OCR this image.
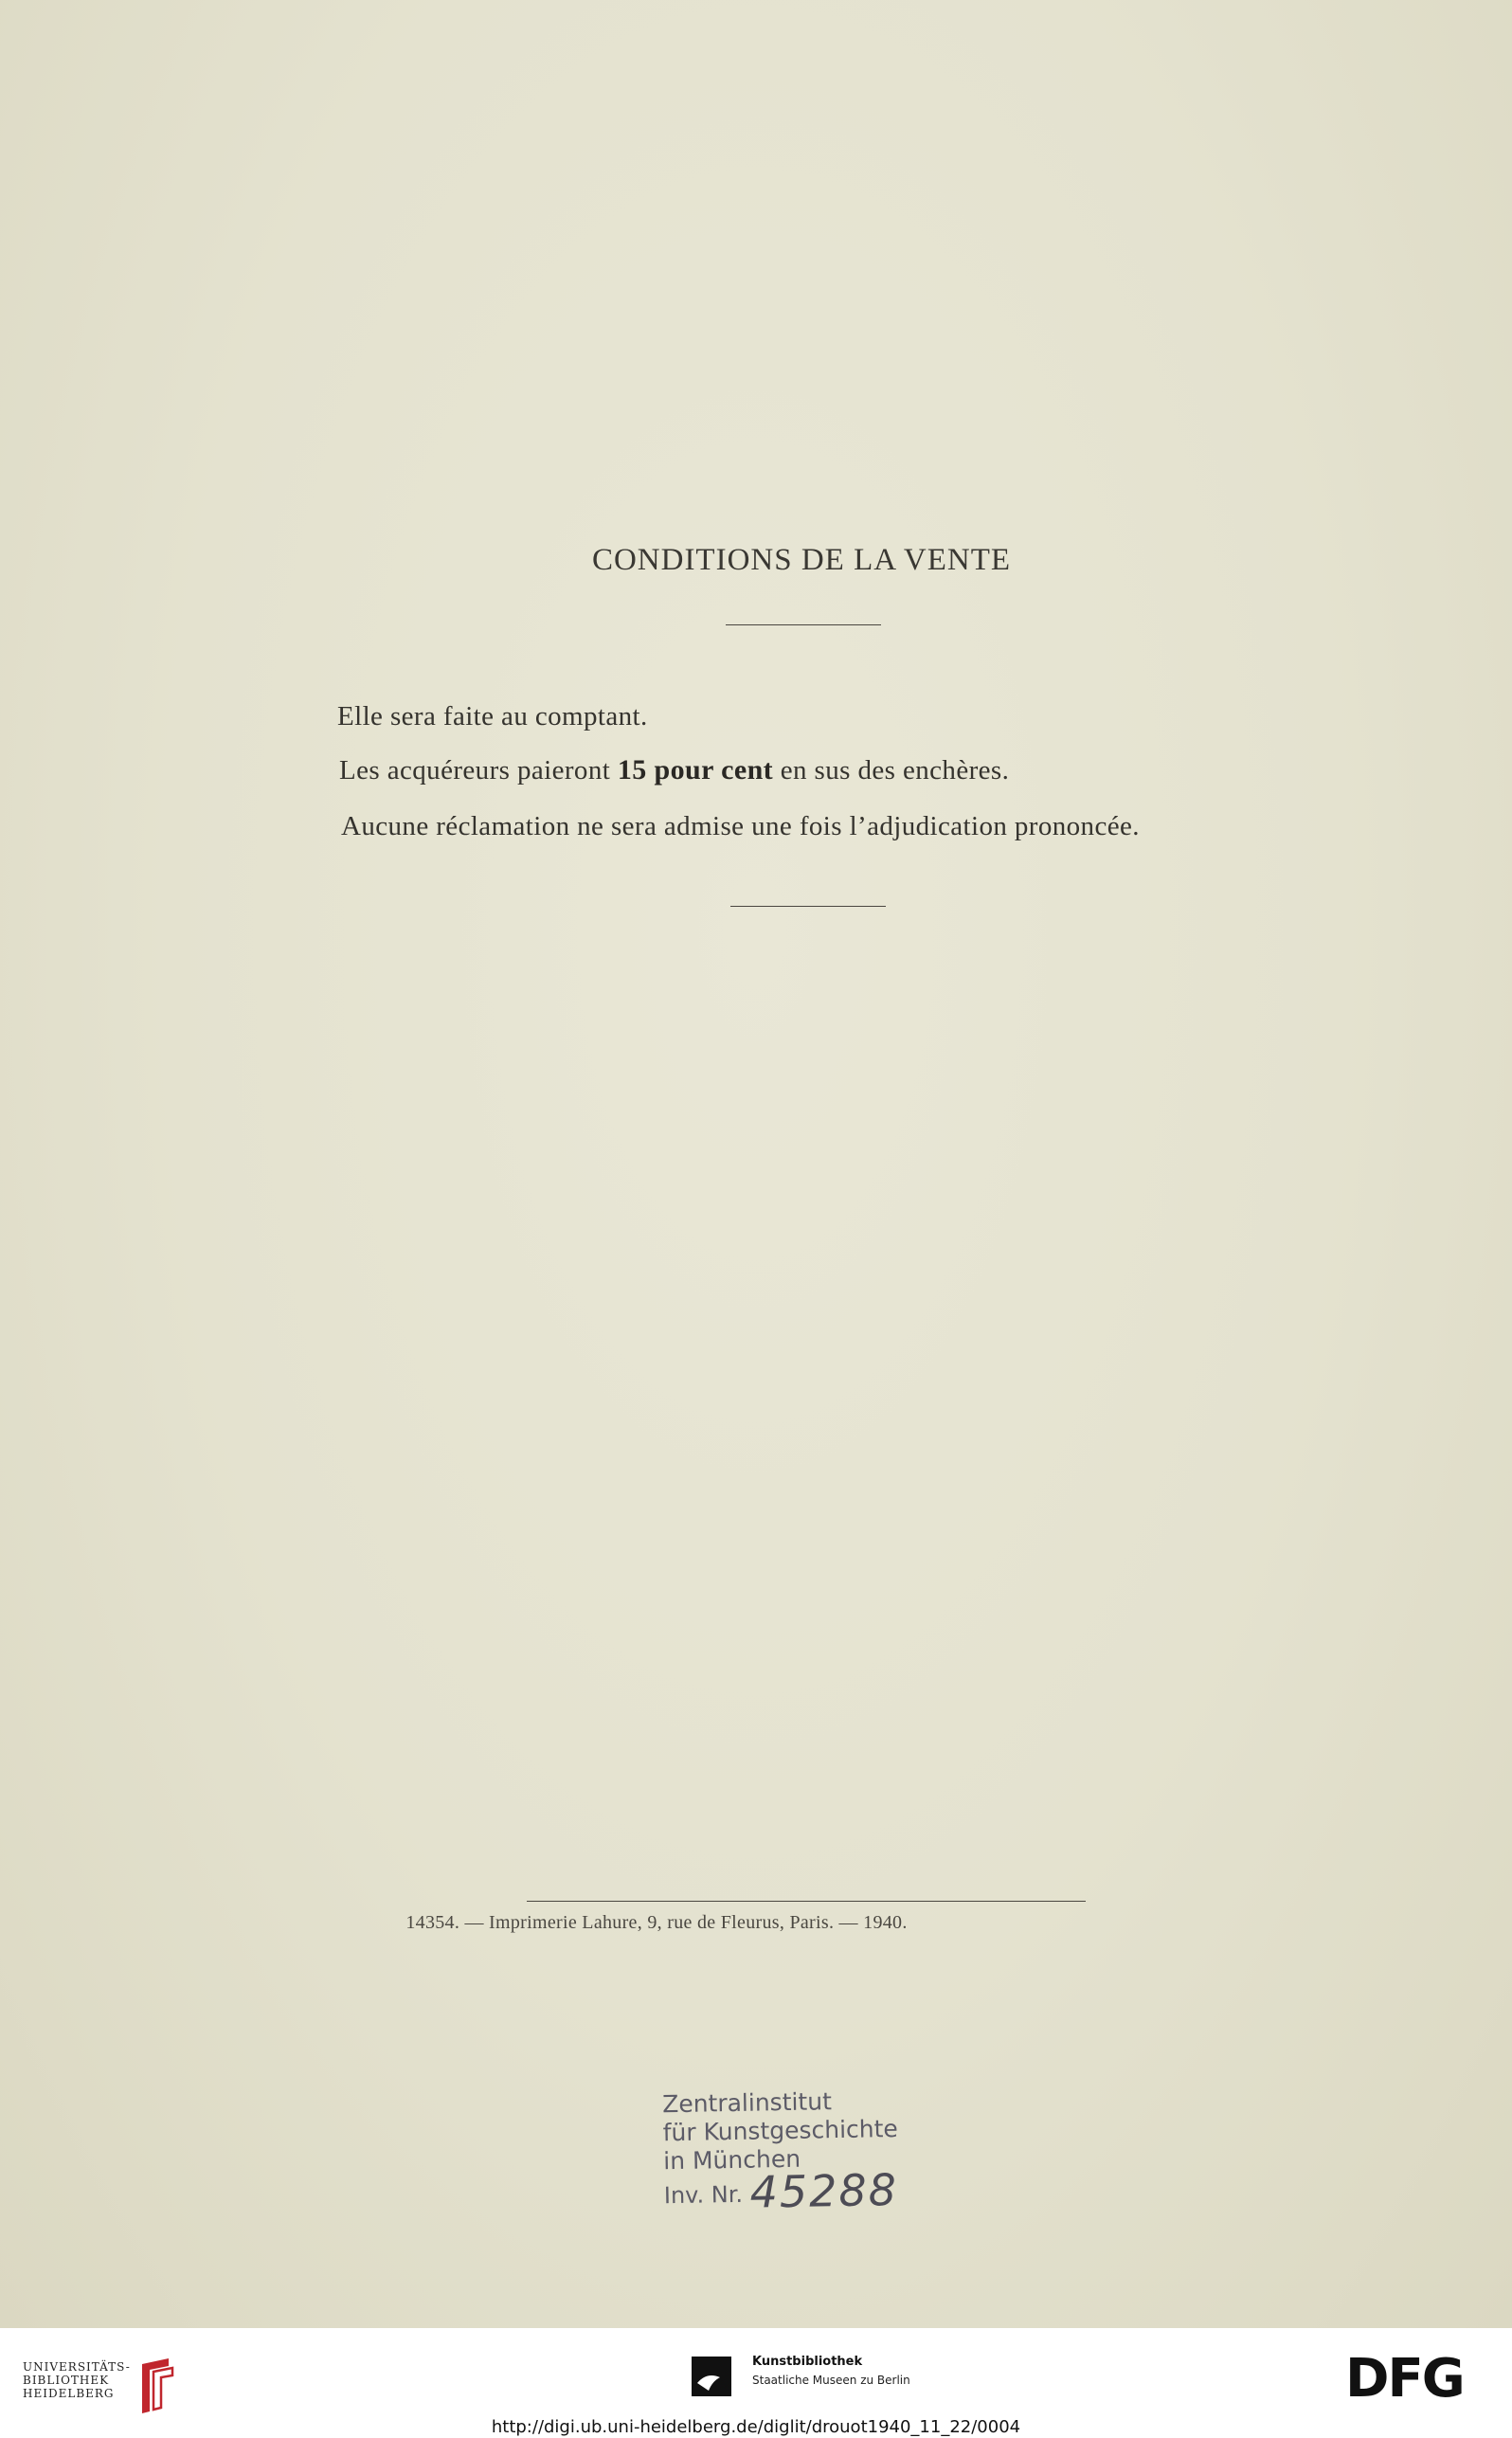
CONDITIONS DE LA VENTE
Elle sera faite au comptant.
Les acquéreurs paieront 15 pour cent en sus des enchères.
Aucune réclamation ne sera admise une fois l’adjudication prononcée.
14354. — Imprimerie Lahure, 9, rue de Fleurus, Paris. — 1940.
Zentralinstitut
für Kunstgeschichte
in München
Inv. Nr. 45288
UNIVERSITÄTS-
BIBLIOTHEK
HEIDELBERG
Kunstbibliothek
Staatliche Museen zu Berlin	DFG
http://digi.ub.uni-heidelberg.de/diglit/drouot1940_11_22/0004
